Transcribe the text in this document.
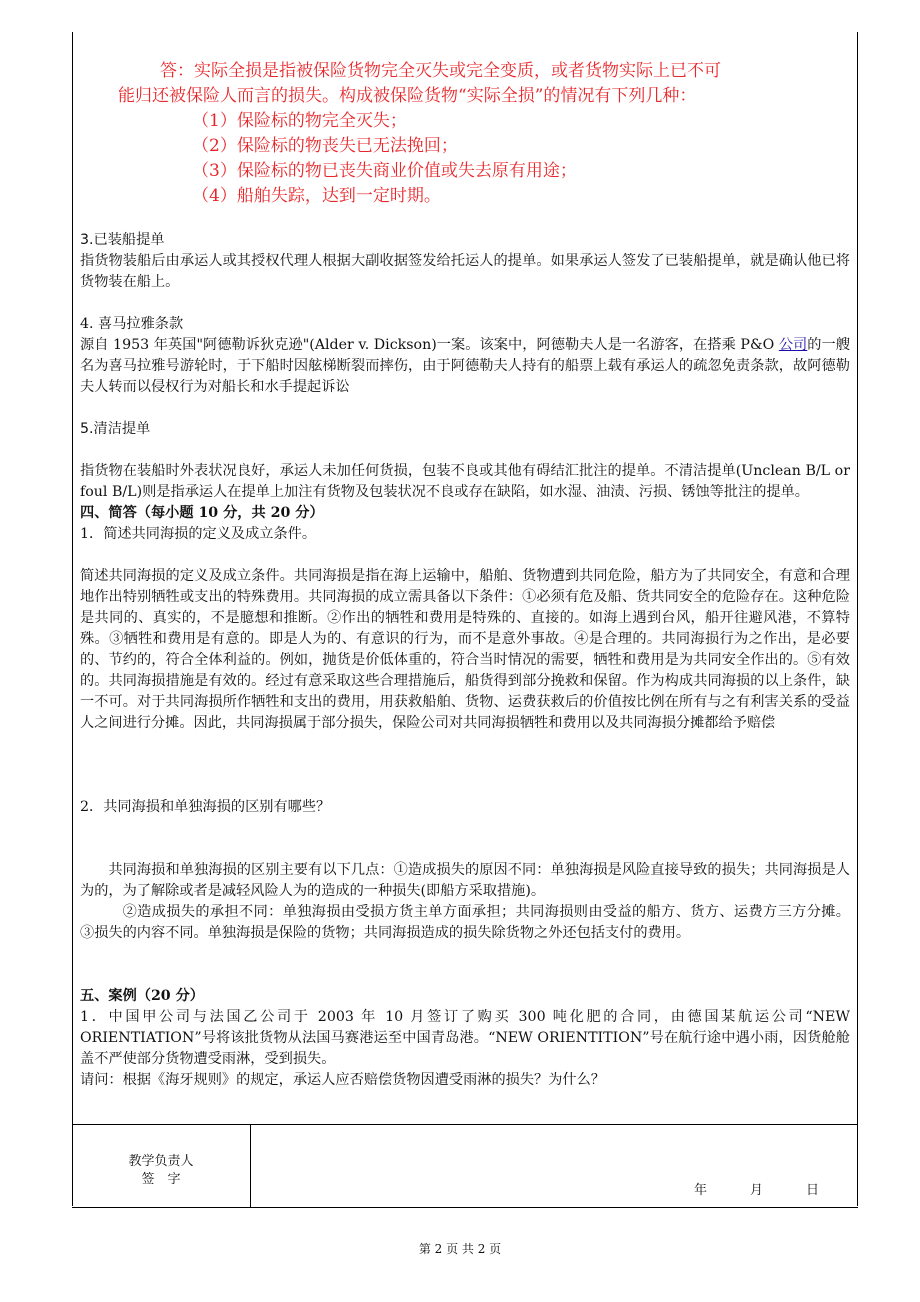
答：实际全损是指被保险货物完全灭失或完全变质，或者货物实际上已不可
能归还被保险人而言的损失。构成被保险货物“实际全损”的情况有下列几种：
（1）保险标的物完全灭失；
（2）保险标的物丧失已无法挽回；
（3）保险标的物已丧失商业价值或失去原有用途；
（4）船舶失踪，达到一定时期。

3.已装船提单

指货物装船后由承运人或其授权代理人根据大副收据签发给托运人的提单。如果承运人签发了已装船提单，就是确认他已将货物装在船上。

4. 喜马拉雅条款

源自 1953 年英国"阿德勒诉狄克逊"(Alder v. Dickson)一案。该案中，阿德勒夫人是一名游客，在搭乘 P&O 公司的一艘名为喜马拉雅号游轮时，于下船时因舷梯断裂而摔伤，由于阿德勒夫人持有的船票上载有承运人的疏忽免责条款，故阿德勒夫人转而以侵权行为对船长和水手提起诉讼

5.清洁提单

指货物在装船时外表状况良好，承运人未加任何货损，包装不良或其他有碍结汇批注的提单。不清洁提单(Unclean B/L or foul B/L)则是指承运人在提单上加注有货物及包装状况不良或存在缺陷，如水湿、油渍、污损、锈蚀等批注的提单。

四、简答（每小题 10 分，共 20 分）

1．简述共同海损的定义及成立条件。

简述共同海损的定义及成立条件。共同海损是指在海上运输中，船舶、货物遭到共同危险，船方为了共同安全，有意和合理地作出特别牺牲或支出的特殊费用。共同海损的成立需具备以下条件：①必须有危及船、货共同安全的危险存在。这种危险是共同的、真实的，不是臆想和推断。②作出的牺牲和费用是特殊的、直接的。如海上遇到台风，船开往避风港，不算特殊。③牺牲和费用是有意的。即是人为的、有意识的行为，而不是意外事故。④是合理的。共同海损行为之作出，是必要的、节约的，符合全体利益的。例如，抛货是价低体重的，符合当时情况的需要，牺牲和费用是为共同安全作出的。⑤有效的。共同海损措施是有效的。经过有意采取这些合理措施后，船货得到部分挽救和保留。作为构成共同海损的以上条件，缺一不可。对于共同海损所作牺牲和支出的费用，用获救船舶、货物、运费获救后的价值按比例在所有与之有利害关系的受益人之间进行分摊。因此，共同海损属于部分损失，保险公司对共同海损牺牲和费用以及共同海损分摊都给予赔偿

2．共同海损和单独海损的区别有哪些？

共同海损和单独海损的区别主要有以下几点：①造成损失的原因不同：单独海损是风险直接导致的损失；共同海损是人为的，为了解除或者是减轻风险人为的造成的一种损失(即船方采取措施)。

②造成损失的承担不同：单独海损由受损方货主单方面承担；共同海损则由受益的船方、货方、运费方三方分摊。 ③损失的内容不同。单独海损是保险的货物；共同海损造成的损失除货物之外还包括支付的费用。

五、案例（20 分）

1．中国甲公司与法国乙公司于 2003 年 10 月签订了购买 300 吨化肥的合同，由德国某航运公司“NEW ORIENTIATION”号将该批货物从法国马赛港运至中国青岛港。“NEW ORIENTITION”号在航行途中遇小雨，因货舱舱盖不严使部分货物遭受雨淋，受到损失。

请问：根据《海牙规则》的规定，承运人应否赔偿货物因遭受雨淋的损失？为什么？

教学负责人
签　字
年	月	日
第 2 页 共 2 页
